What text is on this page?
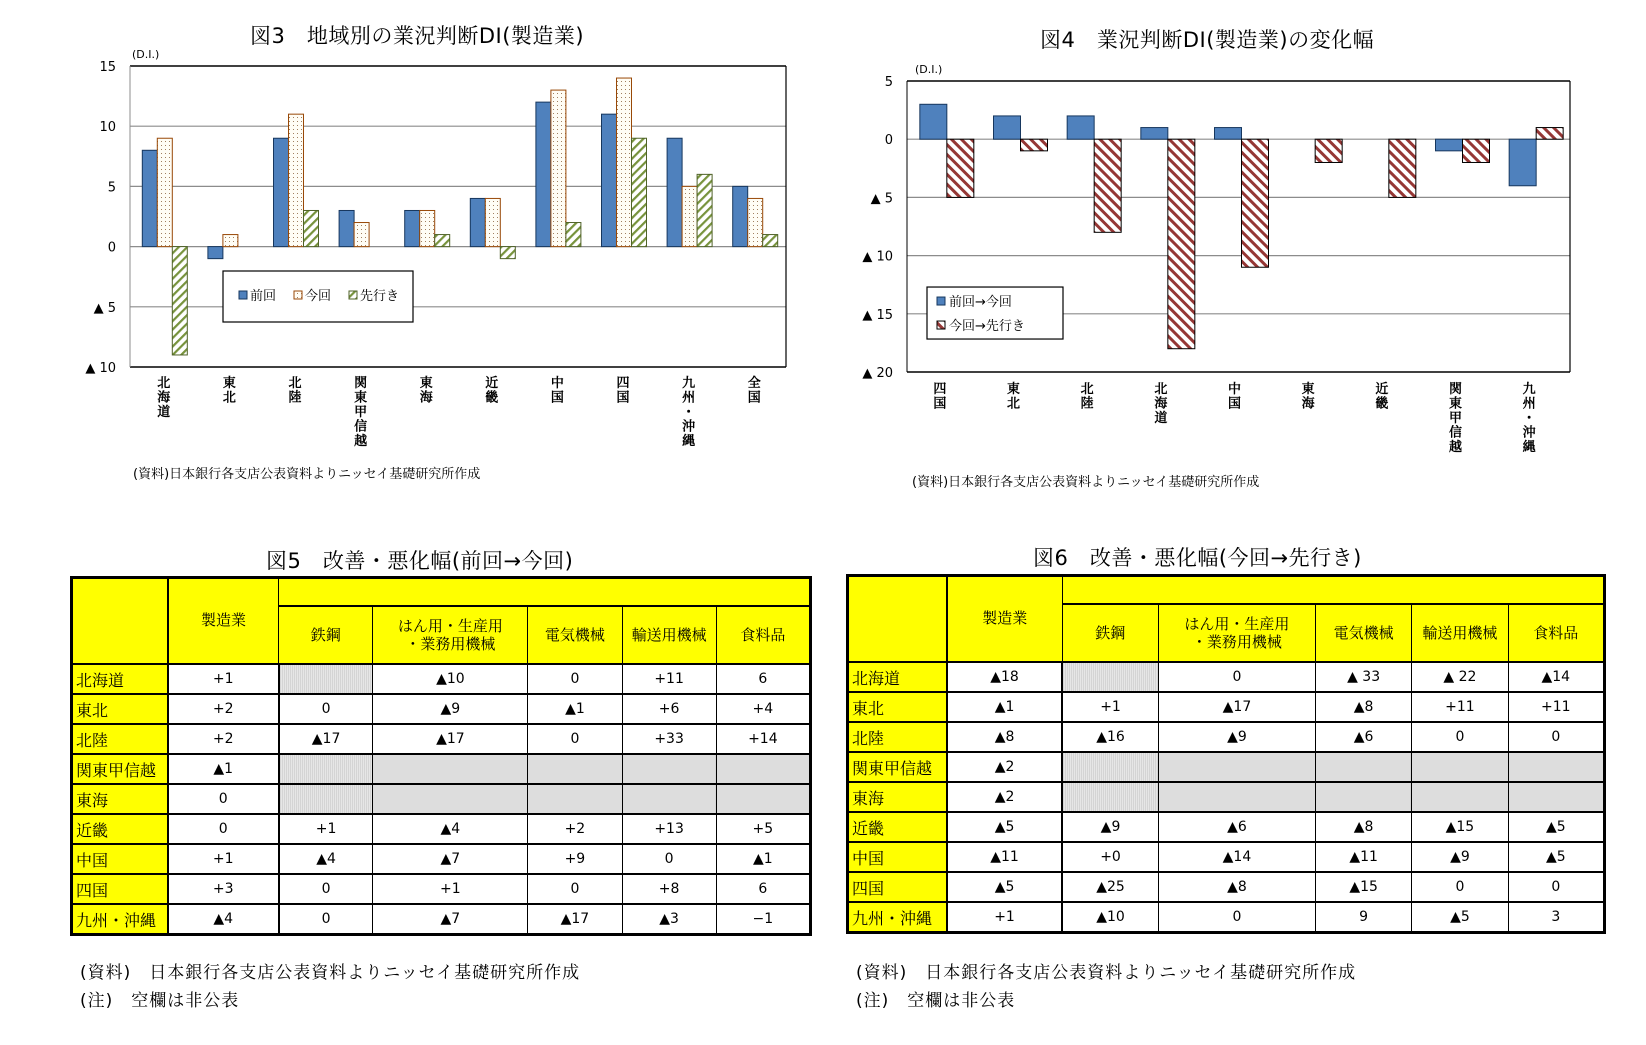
図3　地域別の業況判断DI(製造業)
15
10
5
0
▲ 5
▲ 10
(D.I.)
北
海
道
東
北
北
陸
関
東
甲
信
越
東
海
近
畿
中
国
四
国
九
州
・
沖
縄
全
国
前回 今回 先行き
(資料)日本銀行各支店公表資料よりニッセイ基礎研究所作成
図4　業況判断DI(製造業)の変化幅
5
0
▲ 5
▲ 10
▲ 15
▲ 20
(D.I.)
四
国
東
北
北
陸
北
海
道
中
国
東
海
近
畿
関
東
甲
信
越
九
州
・
沖
縄
前回→今回
今回→先行き
(資料)日本銀行各支店公表資料よりニッセイ基礎研究所作成
図5　改善・悪化幅(前回→今回)
	製造業					
		鉄鋼	はん用・生産用
・業務用機械	電気機械	輸送用機械	食料品
北海道	+1		▲10	0	+11	6
東北	+2	0	▲9	▲1	+6	+4
北陸	+2	▲17	▲17	0	+33	+14
関東甲信越	▲1					
東海	0					
近畿	0	+1	▲4	+2	+13	+5
中国	+1	▲4	▲7	+9	0	▲1
四国	+3	0	+1	0	+8	6
九州・沖縄	▲4	0	▲7	▲17	▲3	−1
(資料)　日本銀行各支店公表資料よりニッセイ基礎研究所作成
(注)　空欄は非公表
図6　改善・悪化幅(今回→先行き)
	製造業					
		鉄鋼	はん用・生産用
・業務用機械	電気機械	輸送用機械	食料品
北海道	▲18		0	▲ 33	▲ 22	▲14
東北	▲1	+1	▲17	▲8	+11	+11
北陸	▲8	▲16	▲9	▲6	0	0
関東甲信越	▲2					
東海	▲2					
近畿	▲5	▲9	▲6	▲8	▲15	▲5
中国	▲11	+0	▲14	▲11	▲9	▲5
四国	▲5	▲25	▲8	▲15	0	0
九州・沖縄	+1	▲10	0	9	▲5	3
(資料)　日本銀行各支店公表資料よりニッセイ基礎研究所作成
(注)　空欄は非公表
